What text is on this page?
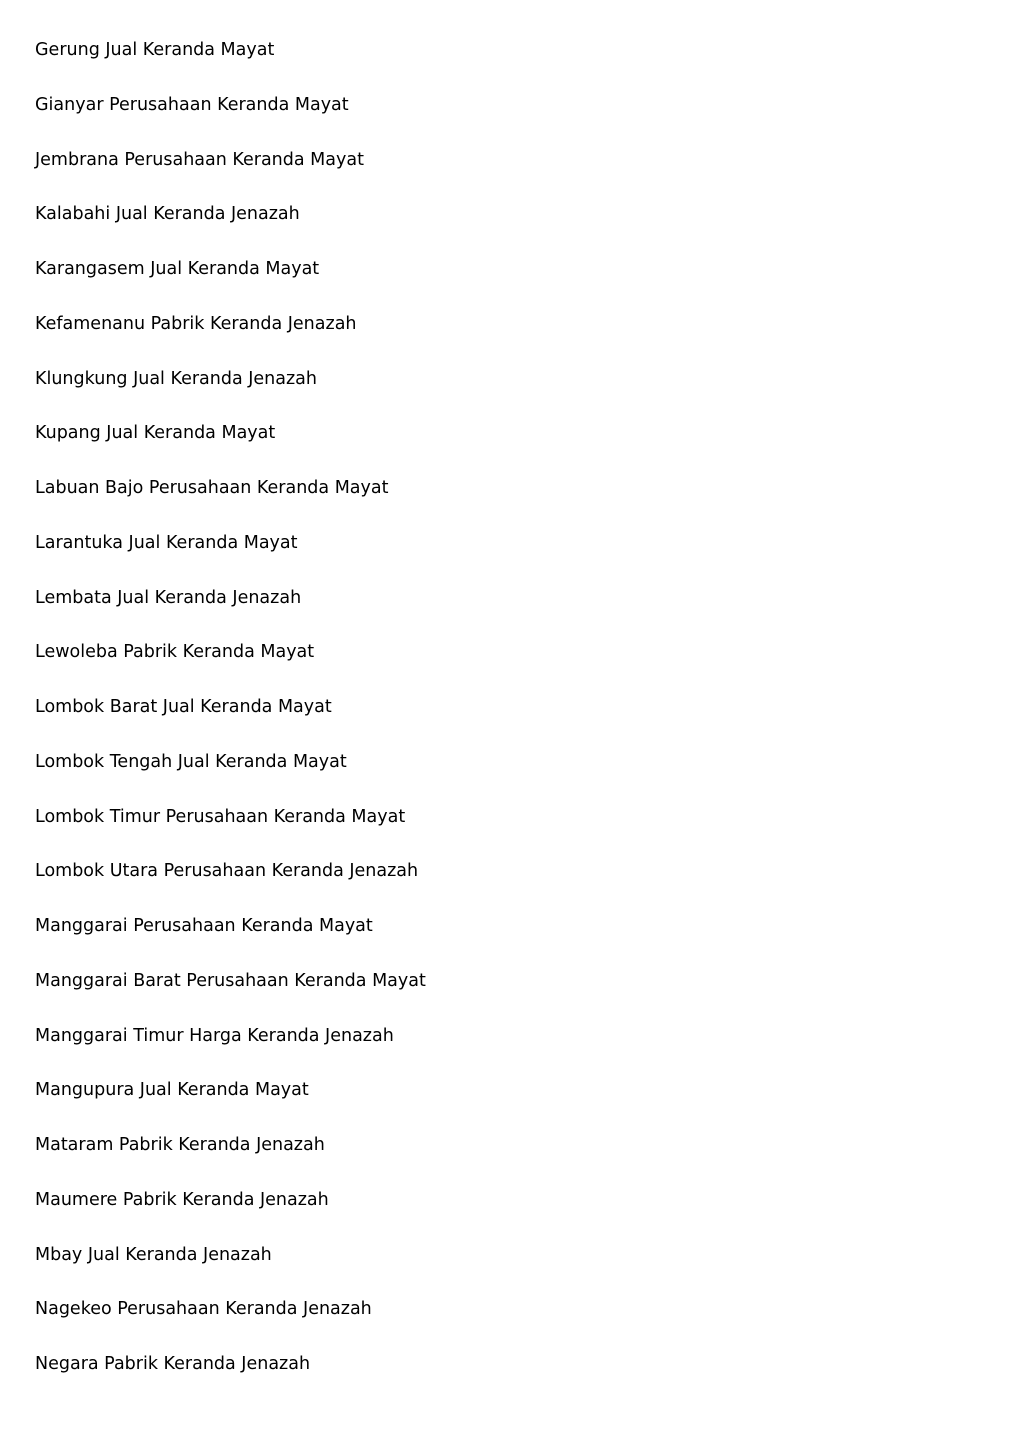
Gerung Jual Keranda Mayat
Gianyar Perusahaan Keranda Mayat
Jembrana Perusahaan Keranda Mayat
Kalabahi Jual Keranda Jenazah
Karangasem Jual Keranda Mayat
Kefamenanu Pabrik Keranda Jenazah
Klungkung Jual Keranda Jenazah
Kupang Jual Keranda Mayat
Labuan Bajo Perusahaan Keranda Mayat
Larantuka Jual Keranda Mayat
Lembata Jual Keranda Jenazah
Lewoleba Pabrik Keranda Mayat
Lombok Barat Jual Keranda Mayat
Lombok Tengah Jual Keranda Mayat
Lombok Timur Perusahaan Keranda Mayat
Lombok Utara Perusahaan Keranda Jenazah
Manggarai Perusahaan Keranda Mayat
Manggarai Barat Perusahaan Keranda Mayat
Manggarai Timur Harga Keranda Jenazah
Mangupura Jual Keranda Mayat
Mataram Pabrik Keranda Jenazah
Maumere Pabrik Keranda Jenazah
Mbay Jual Keranda Jenazah
Nagekeo Perusahaan Keranda Jenazah
Negara Pabrik Keranda Jenazah
